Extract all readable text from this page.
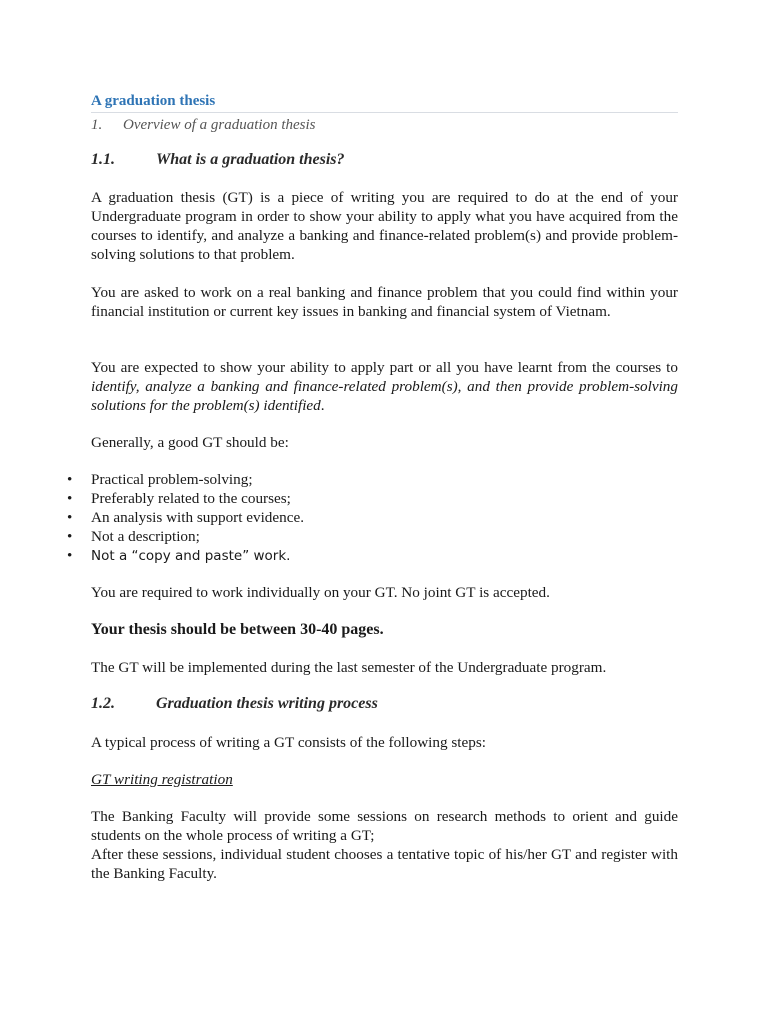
A graduation thesis
1. Overview of a graduation thesis
1.1.	What is a graduation thesis?

A graduation thesis (GT) is a piece of writing you are required to do at the end of your Undergraduate program in order to show your ability to apply what you have acquired from the courses to identify, and analyze a banking and finance-related problem(s) and provide problem-solving solutions to that problem.

You are asked to work on a real banking and finance problem that you could find within your financial institution or current key issues in banking and financial system of Vietnam.

You are expected to show your ability to apply part or all you have learnt from the courses to identify, analyze a banking and finance-related problem(s), and then provide problem-solving solutions for the problem(s) identified.

Generally, a good GT should be:

• Practical problem-solving;
• Preferably related to the courses;
• An analysis with support evidence.
• Not a description;
• Not a “copy and paste” work.

You are required to work individually on your GT. No joint GT is accepted.

Your thesis should be between 30-40 pages.

The GT will be implemented during the last semester of the Undergraduate program.

1.2.	Graduation thesis writing process

A typical process of writing a GT consists of the following steps:

GT writing registration

The Banking Faculty will provide some sessions on research methods to orient and guide students on the whole process of writing a GT;

After these sessions, individual student chooses a tentative topic of his/her GT and register with the Banking Faculty.
